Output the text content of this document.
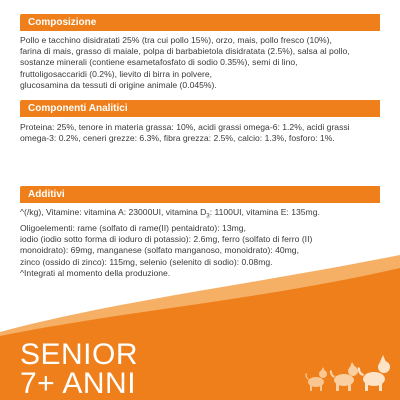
Composizione

Pollo e tacchino disidratati 25% (tra cui pollo 15%), orzo, mais, pollo fresco (10%),
farina di mais, grasso di maiale, polpa di barbabietola disidratata (2.5%), salsa al pollo,
sostanze minerali (contiene esametafosfato di sodio 0.35%), semi di lino,
fruttoligosaccaridi (0.2%), lievito di birra in polvere,
glucosamina da tessuti di origine animale (0.045%).

Componenti Analitici

Proteina: 25%, tenore in materia grassa: 10%, acidi grassi omega-6: 1.2%, acidi grassi
omega-3: 0.2%, ceneri grezze: 6.3%, fibra grezza: 2.5%, calcio: 1.3%, fosforo: 1%.

Additivi
^(/kg), Vitamine: vitamina A: 23000UI, vitamina $D_3$: 1100UI, vitamina E: 135mg.
Oligoelementi: rame (solfato di rame(II) pentaidrato): 13mg,
iodio (iodio sotto forma di ioduro di potassio): 2.6mg, ferro (solfato di ferro (II)
monoidrato): 69mg, manganese (solfato manganoso, monoidrato): 40mg,
zinco (ossido di zinco): 115mg, selenio (selenito di sodio): 0.08mg.
^Integrati al momento della produzione.
SENIOR
7+ ANNI
